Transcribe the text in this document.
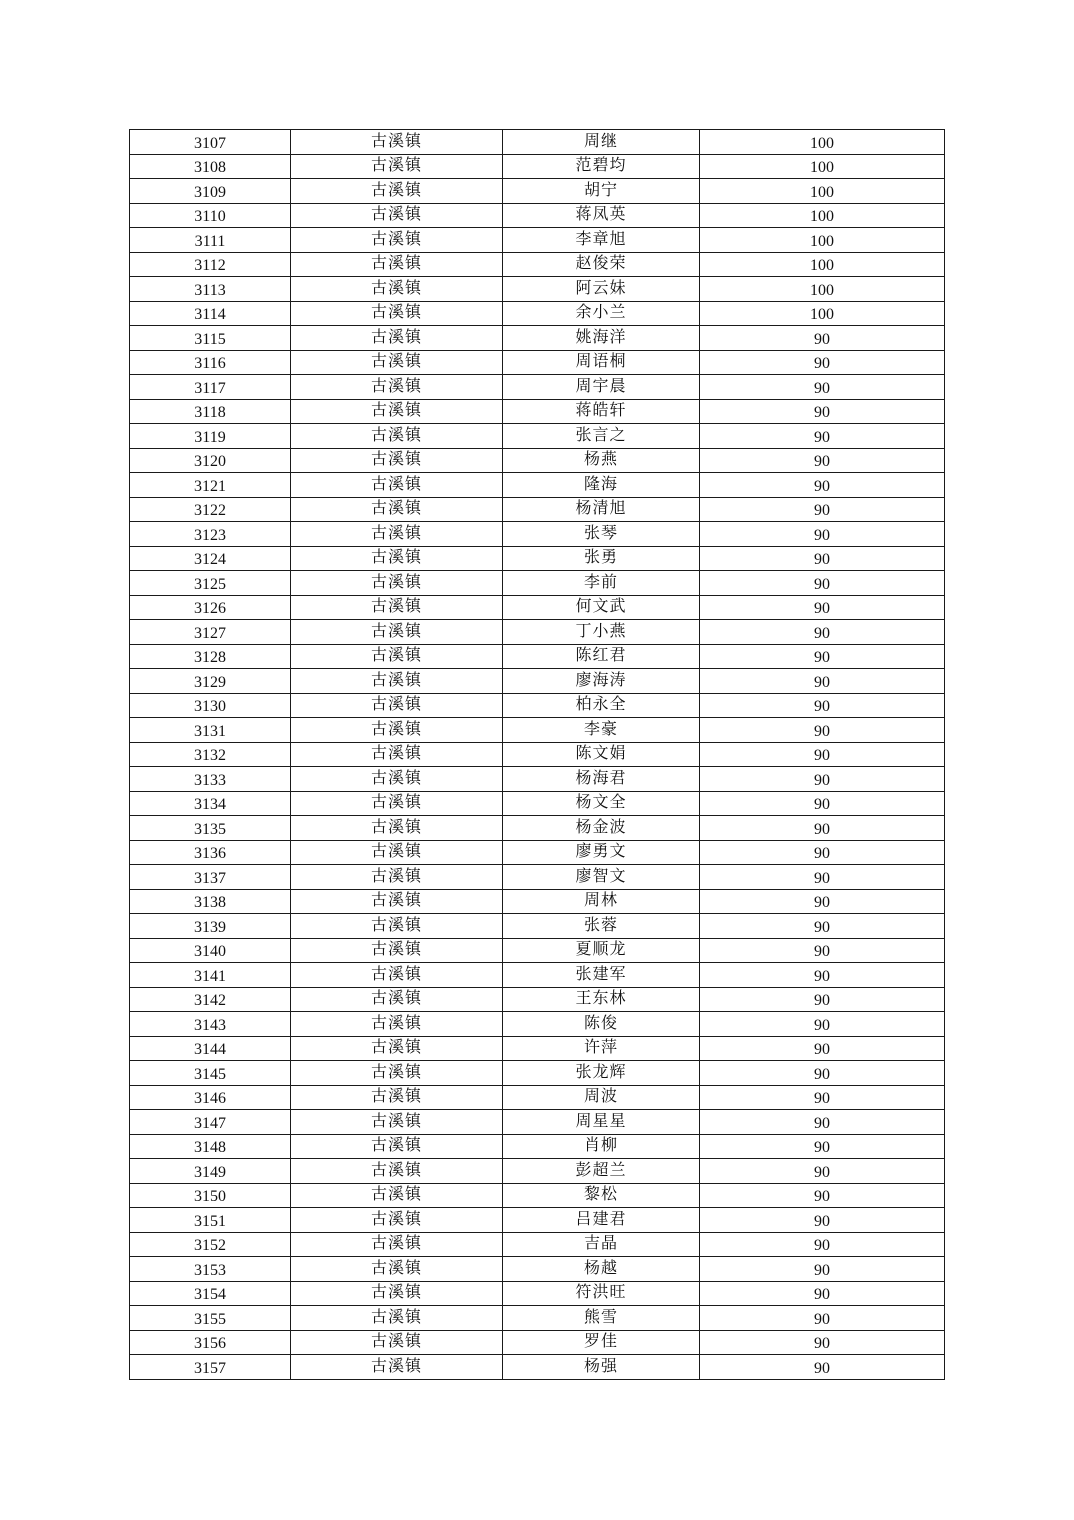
3107	古溪镇	周继	100
3108	古溪镇	范碧均	100
3109	古溪镇	胡宁	100
3110	古溪镇	蒋凤英	100
3111	古溪镇	李章旭	100
3112	古溪镇	赵俊荣	100
3113	古溪镇	阿云妹	100
3114	古溪镇	余小兰	100
3115	古溪镇	姚海洋	90
3116	古溪镇	周语桐	90
3117	古溪镇	周宇晨	90
3118	古溪镇	蒋皓轩	90
3119	古溪镇	张言之	90
3120	古溪镇	杨燕	90
3121	古溪镇	隆海	90
3122	古溪镇	杨清旭	90
3123	古溪镇	张琴	90
3124	古溪镇	张勇	90
3125	古溪镇	李前	90
3126	古溪镇	何文武	90
3127	古溪镇	丁小燕	90
3128	古溪镇	陈红君	90
3129	古溪镇	廖海涛	90
3130	古溪镇	柏永全	90
3131	古溪镇	李豪	90
3132	古溪镇	陈文娟	90
3133	古溪镇	杨海君	90
3134	古溪镇	杨文全	90
3135	古溪镇	杨金波	90
3136	古溪镇	廖勇文	90
3137	古溪镇	廖智文	90
3138	古溪镇	周林	90
3139	古溪镇	张蓉	90
3140	古溪镇	夏顺龙	90
3141	古溪镇	张建军	90
3142	古溪镇	王东林	90
3143	古溪镇	陈俊	90
3144	古溪镇	许萍	90
3145	古溪镇	张龙辉	90
3146	古溪镇	周波	90
3147	古溪镇	周星星	90
3148	古溪镇	肖柳	90
3149	古溪镇	彭超兰	90
3150	古溪镇	黎松	90
3151	古溪镇	吕建君	90
3152	古溪镇	吉晶	90
3153	古溪镇	杨越	90
3154	古溪镇	符洪旺	90
3155	古溪镇	熊雪	90
3156	古溪镇	罗佳	90
3157	古溪镇	杨强	90
